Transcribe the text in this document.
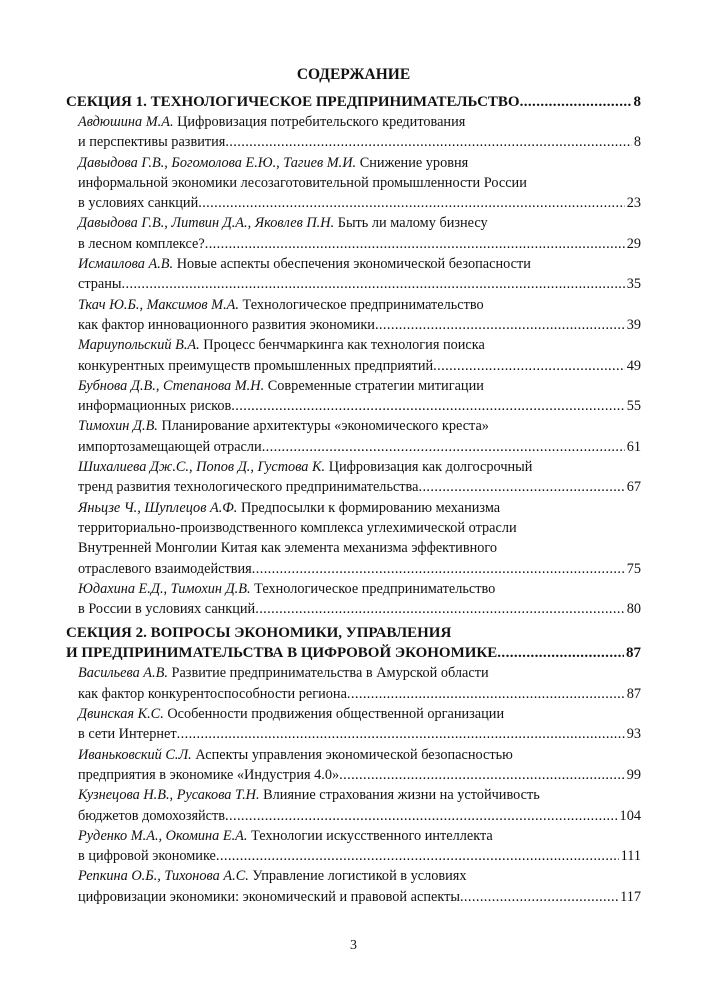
СОДЕРЖАНИЕ
СЕКЦИЯ 1. ТЕХНОЛОГИЧЕСКОЕ ПРЕДПРИНИМАТЕЛЬСТВО .....	8
Авдюшина М.А.
Цифровизация потребительского кредитования
и перспективы развития .....	8
Давыдова Г.В., Богомолова Е.Ю., Тагиев М.И.
Снижение уровня
информальной экономики лесозаготовительной промышленности России
в условиях санкций .....	23
Давыдова Г.В., Литвин Д.А., Яковлев П.Н.
Быть ли малому бизнесу
в лесном комплексе? .....	29
Исмаилова А.В.
Новые аспекты обеспечения экономической безопасности
страны .....	35
Ткач Ю.Б., Максимов М.А.
Технологическое предпринимательство
как фактор инновационного развития экономики .....	39
Мариупольский В.А.
Процесс бенчмаркинга как технология поиска
конкурентных преимуществ промышленных предприятий .....	49
Бубнова Д.В., Степанова М.Н.
Современные стратегии митигации
информационных рисков .....	55
Тимохин Д.В.
Планирование архитектуры «экономического креста»
импортозамещающей отрасли .....	61
Шихалиева Дж.С., Попов Д., Густова К.
Цифровизация как долгосрочный
тренд развития технологического предпринимательства .....	67
Яньцзе Ч., Шуплецов А.Ф.
Предпосылки к формированию механизма
территориально-производственного комплекса углехимической отрасли
Внутренней Монголии Китая как элемента механизма эффективного
отраслевого взаимодействия .....	75
Юдахина Е.Д., Тимохин Д.В.
Технологическое предпринимательство
в России в условиях санкций .....	80
СЕКЦИЯ 2. ВОПРОСЫ ЭКОНОМИКИ, УПРАВЛЕНИЯ
И ПРЕДПРИНИМАТЕЛЬСТВА В ЦИФРОВОЙ ЭКОНОМИКЕ .....	87
Васильева А.В.
Развитие предпринимательства в Амурской области
как фактор конкурентоспособности региона .....	87
Двинская К.С.
Особенности продвижения общественной организации
в сети Интернет .....	93
Иваньковский С.Л.
Аспекты управления экономической безопасностью
предприятия в экономике «Индустрия 4.0» .....	99
Кузнецова Н.В., Русакова Т.Н.
Влияние страхования жизни на устойчивость
бюджетов домохозяйств .....	104
Руденко М.А., Окомина Е.А.
Технологии искусственного интеллекта
в цифровой экономике .....	111
Репкина О.Б., Тихонова А.С.
Управление логистикой в условиях
цифровизации экономики: экономический и правовой аспекты .....	117
3
